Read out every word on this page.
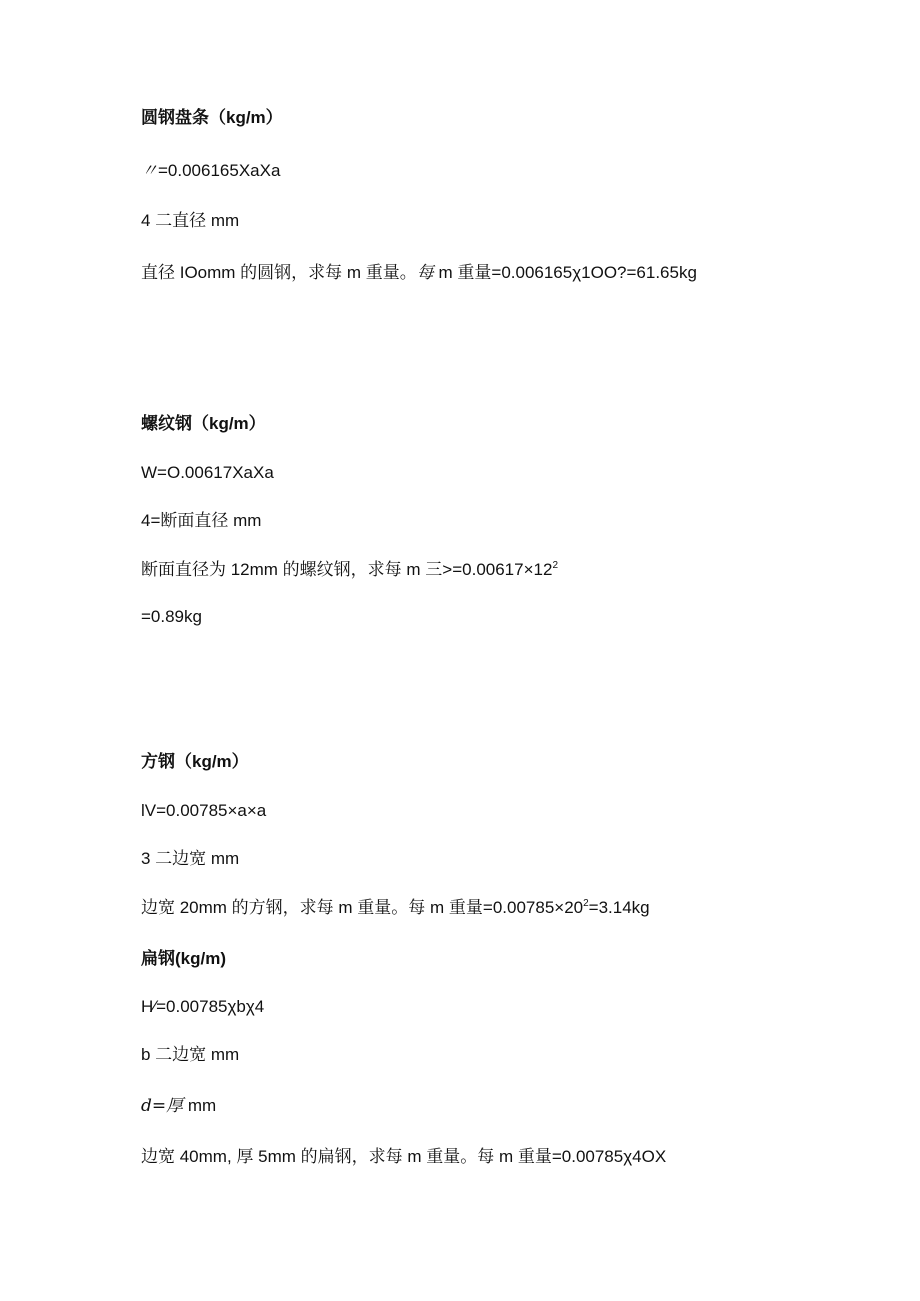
圆钢盘条（kg/m）

〃=0.006165XaXa

4 二直径 mm

直径 IOomm 的圆钢，求每 m 重量。每 m 重量=0.006165χ1OO?=61.65kg

螺纹钢（kg/m）

W=O.00617XaXa

4=断面直径 mm

断面直径为 12mm 的螺纹钢，求每 m 三$>=0.00617\times 12^2$

=0.89kg

方钢（kg/m）

lV=0.00785×a×a

3 二边宽 mm

边宽 20mm 的方钢，求每 m 重量。每 m 重量$=0.00785\times 20^2=3.14kg$

扁钢(kg/m)

H⁄=0.00785χbχ4

b 二边宽 mm

d=厚 mm

边宽 40mm, 厚 5mm 的扁钢，求每 m 重量。每 m 重量=0.00785χ4OX
